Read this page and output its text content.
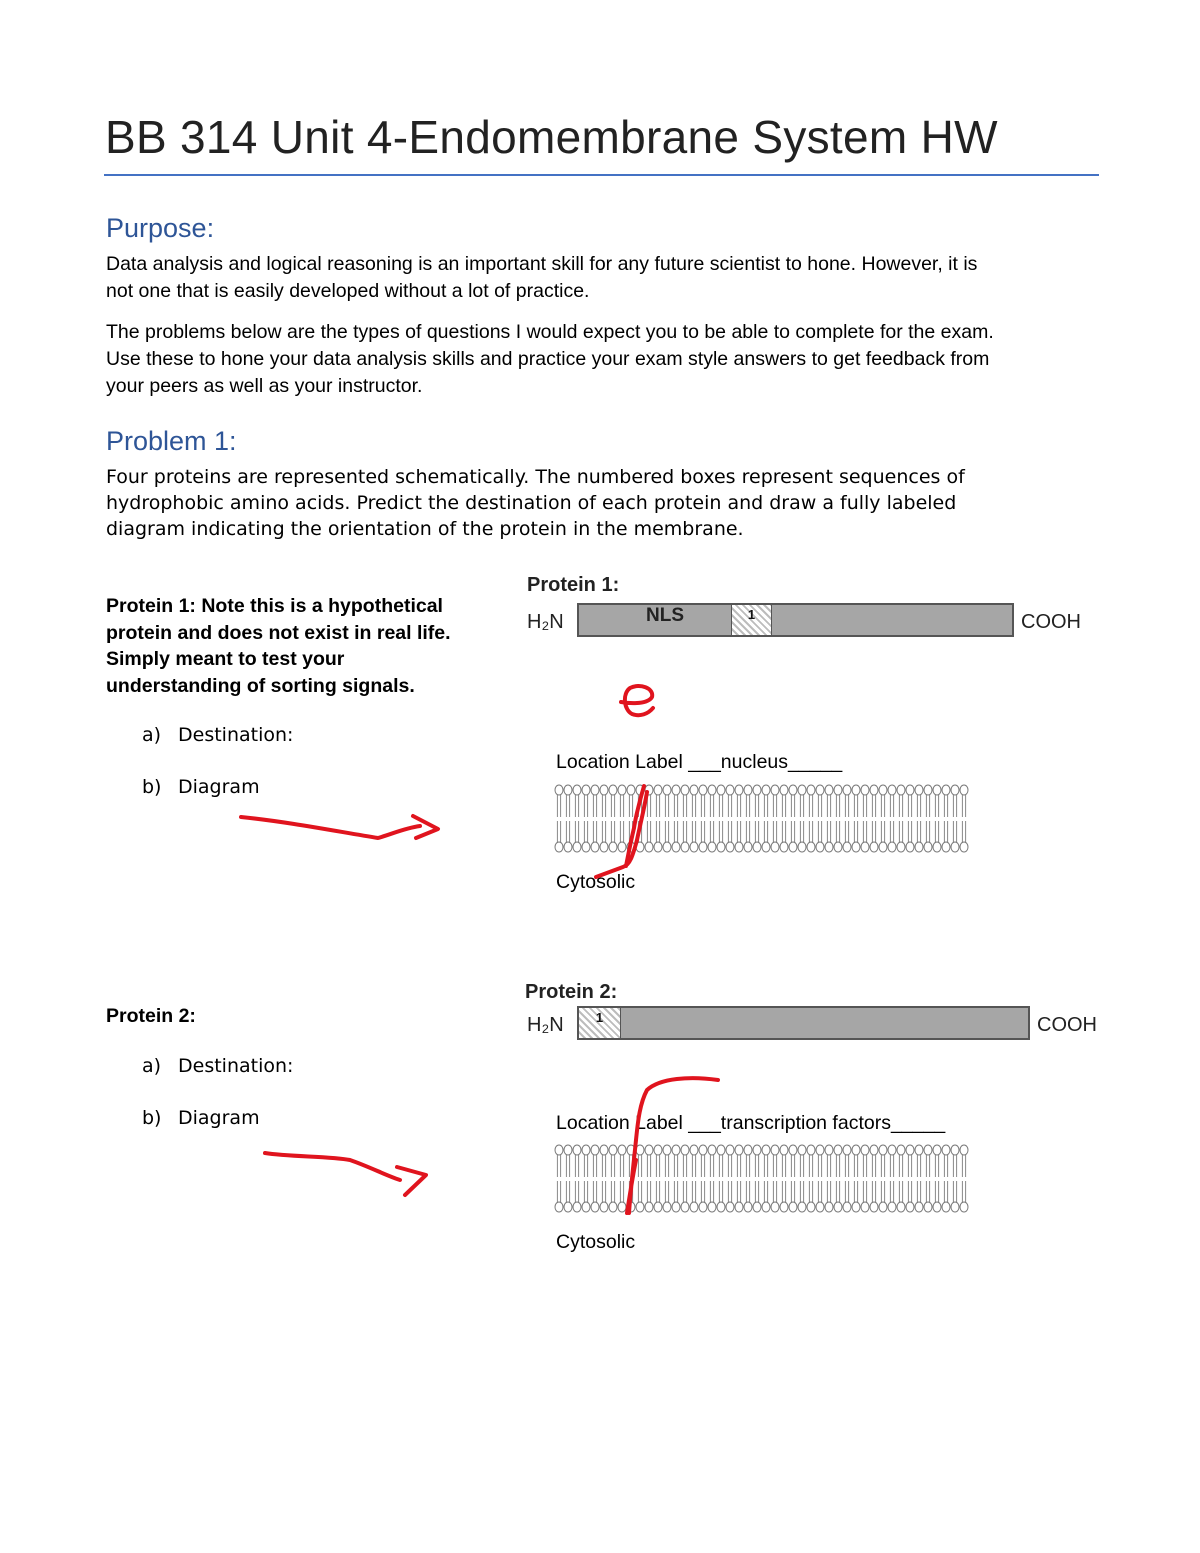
BB 314 Unit 4-Endomembrane System HW
Purpose:

Data analysis and logical reasoning is an important skill for any future scientist to hone. However, it is

not one that is easily developed without a lot of practice.

The problems below are the types of questions I would expect you to be able to complete for the exam.

Use these to hone your data analysis skills and practice your exam style answers to get feedback from

your peers as well as your instructor.

Problem 1:

Four proteins are represented schematically. The numbered boxes represent sequences of

hydrophobic amino acids. Predict the destination of each protein and draw a fully labeled

diagram indicating the orientation of the protein in the membrane.

Protein 1: Note this is a hypothetical

protein and does not exist in real life.

Simply meant to test your

understanding of sorting signals.

a) Destination:
b) Diagram
Protein 1:
H₂N	NLS	1	COOH
Location Label ___nucleus_____
Cytosolic
Protein 2:
a) Destination:
b) Diagram
Protein 2:
H₂N	1	COOH
Location Label ___transcription factors_____
Cytosolic
